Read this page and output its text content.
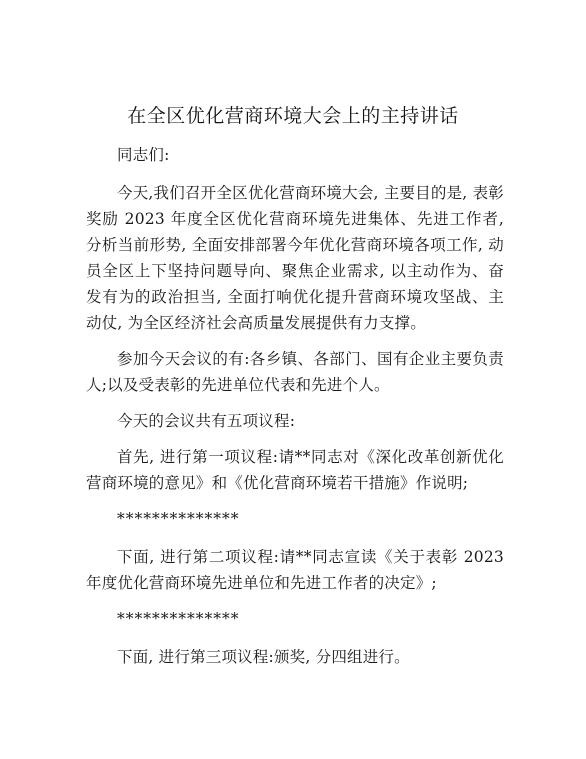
在全区优化营商环境大会上的主持讲话

同志们:

今天,我们召开全区优化营商环境大会, 主要目的是, 表彰奖励 2023 年度全区优化营商环境先进集体、先进工作者, 分析当前形势, 全面安排部署今年优化营商环境各项工作, 动员全区上下坚持问题导向、聚焦企业需求, 以主动作为、奋发有为的政治担当, 全面打响优化提升营商环境攻坚战、主动仗, 为全区经济社会高质量发展提供有力支撑。

参加今天会议的有:各乡镇、各部门、国有企业主要负责人;以及受表彰的先进单位代表和先进个人。

今天的会议共有五项议程:

首先, 进行第一项议程:请**同志对《深化改革创新优化营商环境的意见》和《优化营商环境若干措施》作说明;

**************

下面, 进行第二项议程:请**同志宣读《关于表彰 2023 年度优化营商环境先进单位和先进工作者的决定》;

**************

下面, 进行第三项议程:颁奖, 分四组进行。
